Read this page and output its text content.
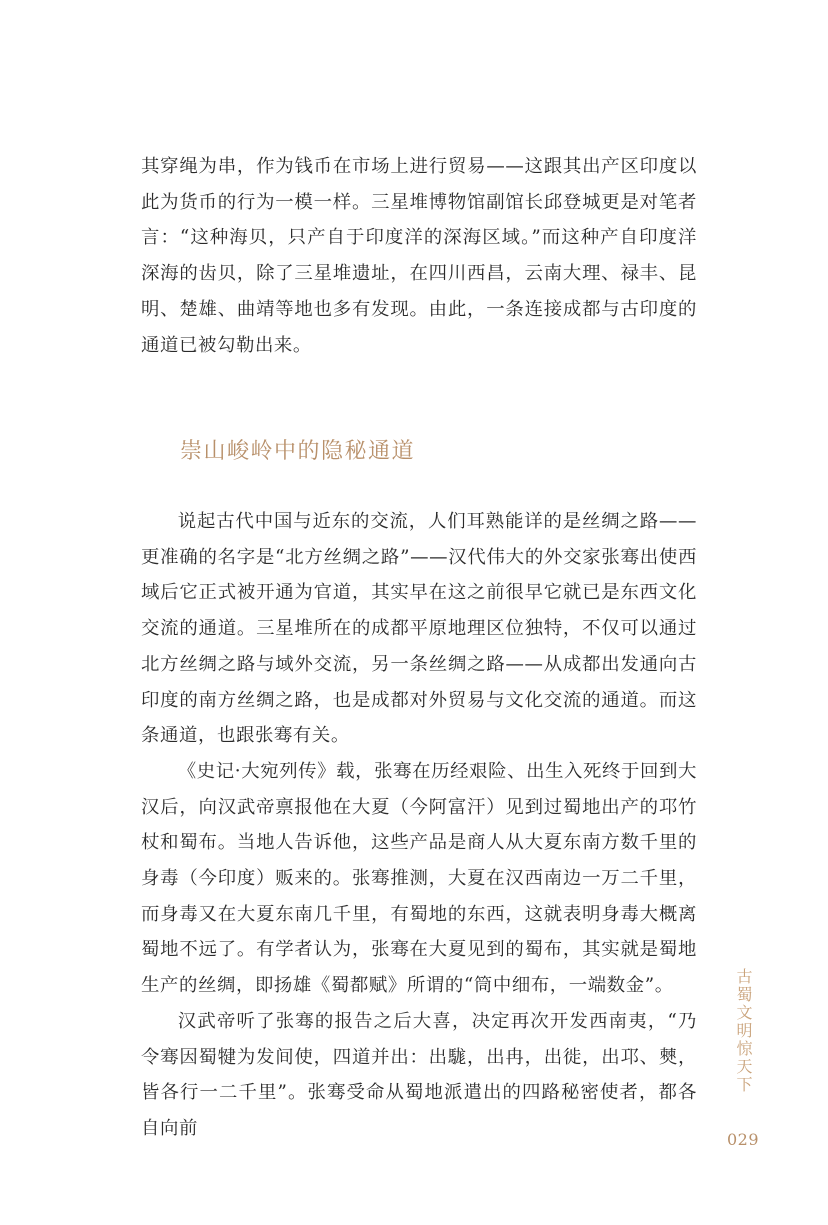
其穿绳为串，作为钱币在市场上进行贸易——这跟其出产区印度以此为货币的行为一模一样。三星堆博物馆副馆长邱登城更是对笔者言：“这种海贝，只产自于印度洋的深海区域。”而这种产自印度洋深海的齿贝，除了三星堆遗址，在四川西昌，云南大理、禄丰、昆明、楚雄、曲靖等地也多有发现。由此，一条连接成都与古印度的通道已被勾勒出来。

崇山峻岭中的隐秘通道

说起古代中国与近东的交流，人们耳熟能详的是丝绸之路——更准确的名字是“北方丝绸之路”——汉代伟大的外交家张骞出使西域后它正式被开通为官道，其实早在这之前很早它就已是东西文化交流的通道。三星堆所在的成都平原地理区位独特，不仅可以通过北方丝绸之路与域外交流，另一条丝绸之路——从成都出发通向古印度的南方丝绸之路，也是成都对外贸易与文化交流的通道。而这条通道，也跟张骞有关。

《史记·大宛列传》载，张骞在历经艰险、出生入死终于回到大汉后，向汉武帝禀报他在大夏（今阿富汗）见到过蜀地出产的邛竹杖和蜀布。当地人告诉他，这些产品是商人从大夏东南方数千里的身毒（今印度）贩来的。张骞推测，大夏在汉西南边一万二千里，而身毒又在大夏东南几千里，有蜀地的东西，这就表明身毒大概离蜀地不远了。有学者认为，张骞在大夏见到的蜀布，其实就是蜀地生产的丝绸，即扬雄《蜀都赋》所谓的“筒中细布，一端数金”。

汉武帝听了张骞的报告之后大喜，决定再次开发西南夷，“乃令骞因蜀犍为发间使，四道并出：出駹，出冉，出徙，出邛、僰，皆各行一二千里”。张骞受命从蜀地派遣出的四路秘密使者，都各自向前

古蜀文明惊天下
029
